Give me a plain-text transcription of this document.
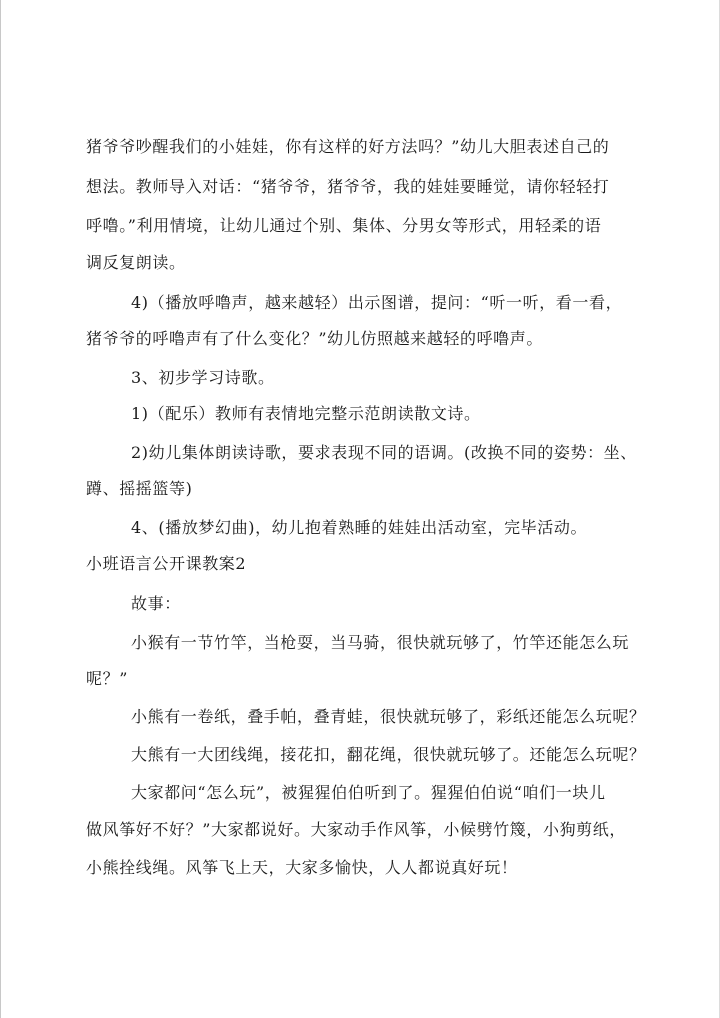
猪爷爷吵醒我们的小娃娃，你有这样的好方法吗？”幼儿大胆表述自己的
想法。教师导入对话：“猪爷爷，猪爷爷，我的娃娃要睡觉，请你轻轻打
呼噜。”利用情境，让幼儿通过个别、集体、分男女等形式，用轻柔的语
调反复朗读。
4)（播放呼噜声，越来越轻）出示图谱，提问：“听一听，看一看，
猪爷爷的呼噜声有了什么变化？”幼儿仿照越来越轻的呼噜声。
3、初步学习诗歌。
1)（配乐）教师有表情地完整示范朗读散文诗。
2)幼儿集体朗读诗歌，要求表现不同的语调。(改换不同的姿势：坐、
蹲、摇摇篮等)
4、(播放梦幻曲)，幼儿抱着熟睡的娃娃出活动室，完毕活动。
小班语言公开课教案2
故事：
小猴有一节竹竿，当枪耍，当马骑，很快就玩够了，竹竿还能怎么玩
呢？”
小熊有一卷纸，叠手帕，叠青蛙，很快就玩够了，彩纸还能怎么玩呢？
大熊有一大团线绳，接花扣，翻花绳，很快就玩够了。还能怎么玩呢？
大家都问“怎么玩”，被猩猩伯伯听到了。猩猩伯伯说“咱们一块儿
做风筝好不好？”大家都说好。大家动手作风筝，小候劈竹篾，小狗剪纸，
小熊拴线绳。风筝飞上天，大家多愉快，人人都说真好玩！
